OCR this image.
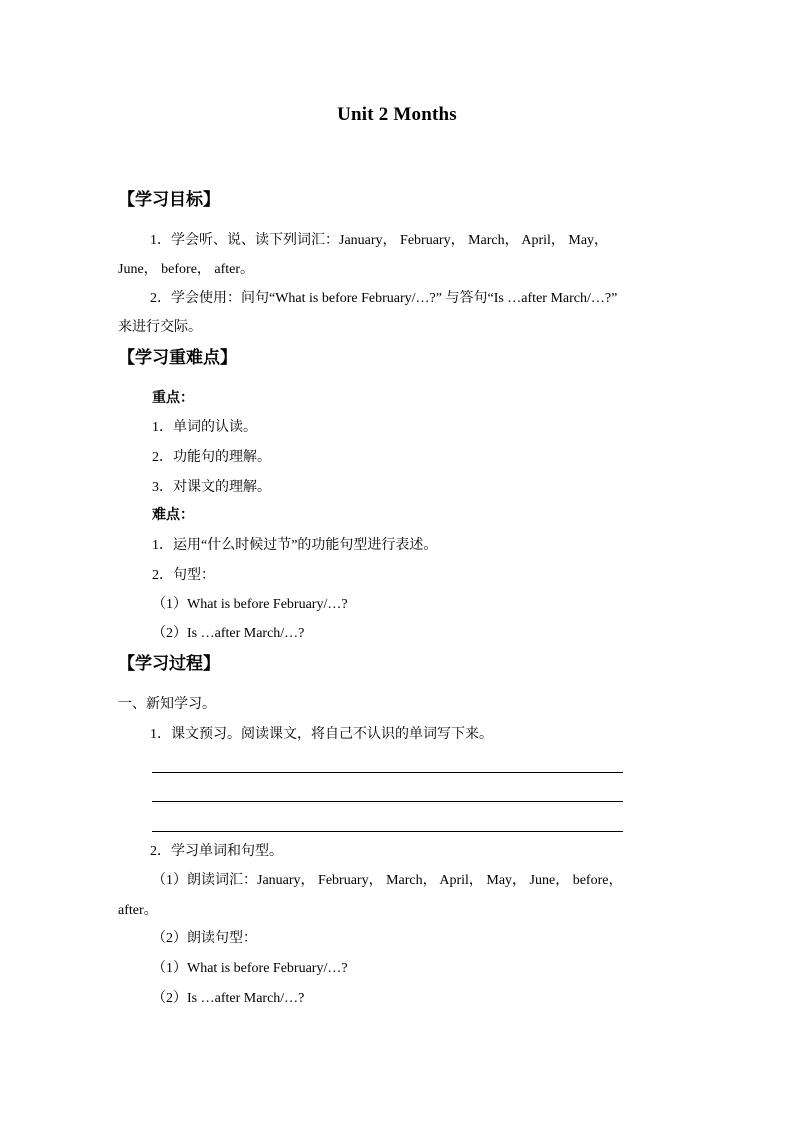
Unit 2 Months
【学习目标】
1．学会听、说、读下列词汇：January， February， March， April， May，
June， before， after。
2．学会使用：问句“What is before February/…?” 与答句“Is …after March/…?”
来进行交际。
【学习重难点】
重点：
1．单词的认读。
2．功能句的理解。
3．对课文的理解。
难点：
1．运用“什么时候过节”的功能句型进行表述。
2．句型：
（1）What is before February/…?
（2）Is …after March/…?
【学习过程】
一、新知学习。
1．课文预习。阅读课文，将自己不认识的单词写下来。
2．学习单词和句型。
（1）朗读词汇：January， February， March， April， May， June， before，
after。
（2）朗读句型：
（1）What is before February/…?
（2）Is …after March/…?
